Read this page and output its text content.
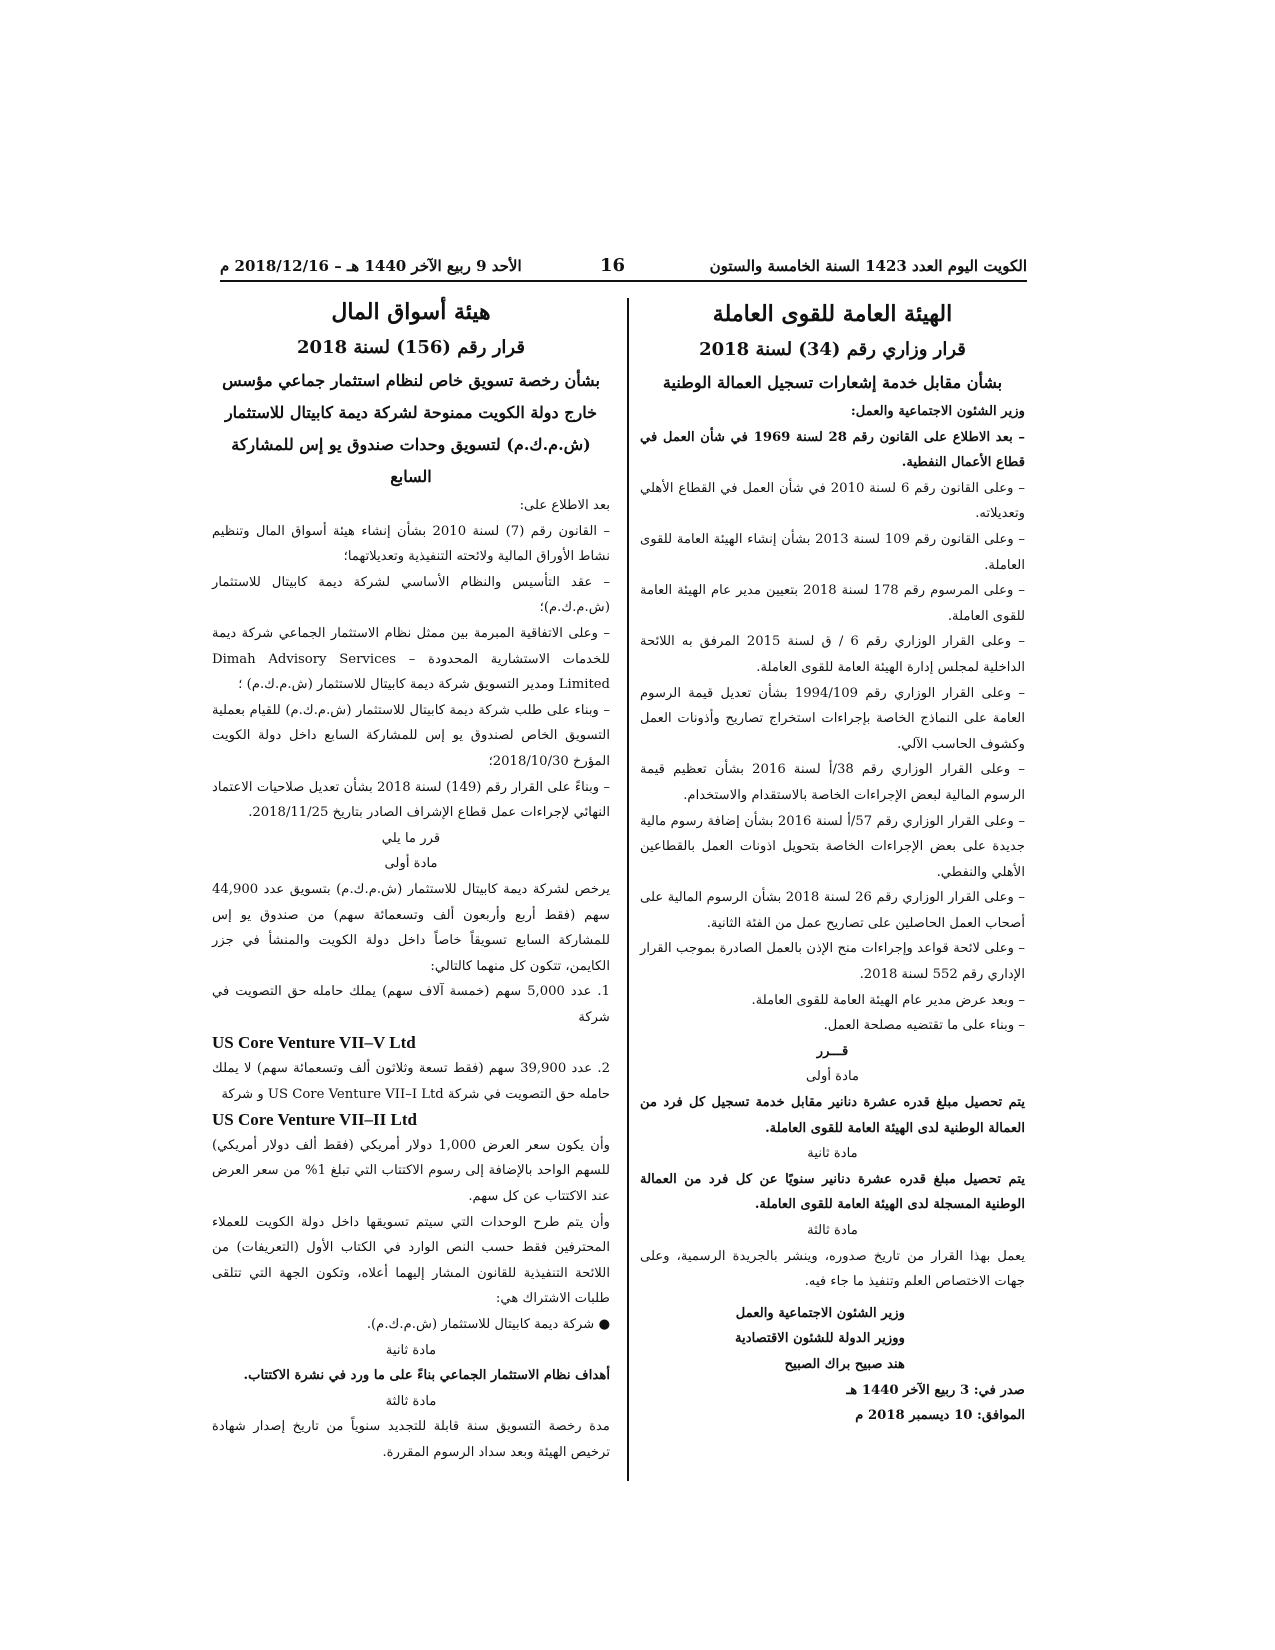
الكويت اليوم العدد 1423 السنة الخامسة والستون
16
الأحد 9 ربيع الآخر 1440 هـ – 2018/12/16 م

الهيئة العامة للقوى العاملة

قرار وزاري رقم (34) لسنة 2018

بشأن مقابل خدمة إشعارات تسجيل العمالة الوطنية

وزير الشئون الاجتماعية والعمل:

– بعد الاطلاع على القانون رقم 28 لسنة 1969 في شأن العمل في قطاع الأعمال النفطية.

– وعلى القانون رقم 6 لسنة 2010 في شأن العمل في القطاع الأهلي وتعديلاته.

– وعلى القانون رقم 109 لسنة 2013 بشأن إنشاء الهيئة العامة للقوى العاملة.

– وعلى المرسوم رقم 178 لسنة 2018 بتعيين مدير عام الهيئة العامة للقوى العاملة.

– وعلى القرار الوزاري رقم 6 / ق لسنة 2015 المرفق به اللائحة الداخلية لمجلس إدارة الهيئة العامة للقوى العاملة.

– وعلى القرار الوزاري رقم 1994/109 بشأن تعديل قيمة الرسوم العامة على النماذج الخاصة بإجراءات استخراج تصاريح وأذونات العمل وكشوف الحاسب الآلي.

– وعلى القرار الوزاري رقم 38/أ لسنة 2016 بشأن تعظيم قيمة الرسوم المالية لبعض الإجراءات الخاصة بالاستقدام والاستخدام.

– وعلى القرار الوزاري رقم 57/أ لسنة 2016 بشأن إضافة رسوم مالية جديدة على بعض الإجراءات الخاصة بتحويل اذونات العمل بالقطاعين الأهلي والنفطي.

– وعلى القرار الوزاري رقم 26 لسنة 2018 بشأن الرسوم المالية على أصحاب العمل الحاصلين على تصاريح عمل من الفئة الثانية.

– وعلى لائحة قواعد وإجراءات منح الإذن بالعمل الصادرة بموجب القرار الإداري رقم 552 لسنة 2018.

– وبعد عرض مدير عام الهيئة العامة للقوى العاملة.

– وبناء على ما تقتضيه مصلحة العمل.

قـــرر

مادة أولى

يتم تحصيل مبلغ قدره عشرة دنانير مقابل خدمة تسجيل كل فرد من العمالة الوطنية لدى الهيئة العامة للقوى العاملة.

مادة ثانية

يتم تحصيل مبلغ قدره عشرة دنانير سنويًا عن كل فرد من العمالة الوطنية المسجلة لدى الهيئة العامة للقوى العاملة.

مادة ثالثة

يعمل بهذا القرار من تاريخ صدوره، وينشر بالجريدة الرسمية، وعلى جهات الاختصاص العلم وتنفيذ ما جاء فيه.

وزير الشئون الاجتماعية والعمل

ووزير الدولة للشئون الاقتصادية

هند صبيح براك الصبيح

صدر في: 3 ربيع الآخر 1440 هـ

الموافق: 10 ديسمبر 2018 م

هيئة أسواق المال

قرار رقم (156) لسنة 2018

بشأن رخصة تسويق خاص لنظام استثمار جماعي مؤسس خارج دولة الكويت ممنوحة لشركة ديمة كابيتال للاستثمار (ش.م.ك.م) لتسويق وحدات صندوق يو إس للمشاركة السابع

بعد الاطلاع على:

– القانون رقم (7) لسنة 2010 بشأن إنشاء هيئة أسواق المال وتنظيم نشاط الأوراق المالية ولائحته التنفيذية وتعديلاتهما؛

– عقد التأسيس والنظام الأساسي لشركة ديمة كابيتال للاستثمار (ش.م.ك.م)؛

– وعلى الاتفاقية المبرمة بين ممثل نظام الاستثمار الجماعي شركة ديمة للخدمات الاستشارية المحدودة – Dimah Advisory Services Limited ومدير التسويق شركة ديمة كابيتال للاستثمار (ش.م.ك.م) ؛

– وبناء على طلب شركة ديمة كابيتال للاستثمار (ش.م.ك.م) للقيام بعملية التسويق الخاص لصندوق يو إس للمشاركة السابع داخل دولة الكويت المؤرخ 2018/10/30؛

– وبناءً على القرار رقم (149) لسنة 2018 بشأن تعديل صلاحيات الاعتماد النهائي لإجراءات عمل قطاع الإشراف الصادر بتاريخ 2018/11/25.

قرر ما يلي

مادة أولى

يرخص لشركة ديمة كابيتال للاستثمار (ش.م.ك.م) بتسويق عدد 44,900 سهم (فقط أربع وأربعون ألف وتسعمائة سهم) من صندوق يو إس للمشاركة السابع تسويقاً خاصاً داخل دولة الكويت والمنشأ في جزر الكايمن، تتكون كل منهما كالتالي:

1. عدد 5,000 سهم (خمسة آلاف سهم) يملك حامله حق التصويت في شركة

US Core Venture VII–V Ltd

2. عدد 39,900 سهم (فقط تسعة وثلاثون ألف وتسعمائة سهم) لا يملك حامله حق التصويت في شركة US Core Venture VII–I Ltd و شركة

US Core Venture VII–II Ltd

وأن يكون سعر العرض 1,000 دولار أمريكي (فقط ألف دولار أمريكي) للسهم الواحد بالإضافة إلى رسوم الاكتتاب التي تبلغ 1% من سعر العرض عند الاكتتاب عن كل سهم.

وأن يتم طرح الوحدات التي سيتم تسويقها داخل دولة الكويت للعملاء المحترفين فقط حسب النص الوارد في الكتاب الأول (التعريفات) من اللائحة التنفيذية للقانون المشار إليهما أعلاه، وتكون الجهة التي تتلقى طلبات الاشتراك هي:

● شركة ديمة كابيتال للاستثمار (ش.م.ك.م).

مادة ثانية

أهداف نظام الاستثمار الجماعي بناءً على ما ورد في نشرة الاكتتاب.

مادة ثالثة

مدة رخصة التسويق سنة قابلة للتجديد سنوياً من تاريخ إصدار شهادة ترخيص الهيئة وبعد سداد الرسوم المقررة.
